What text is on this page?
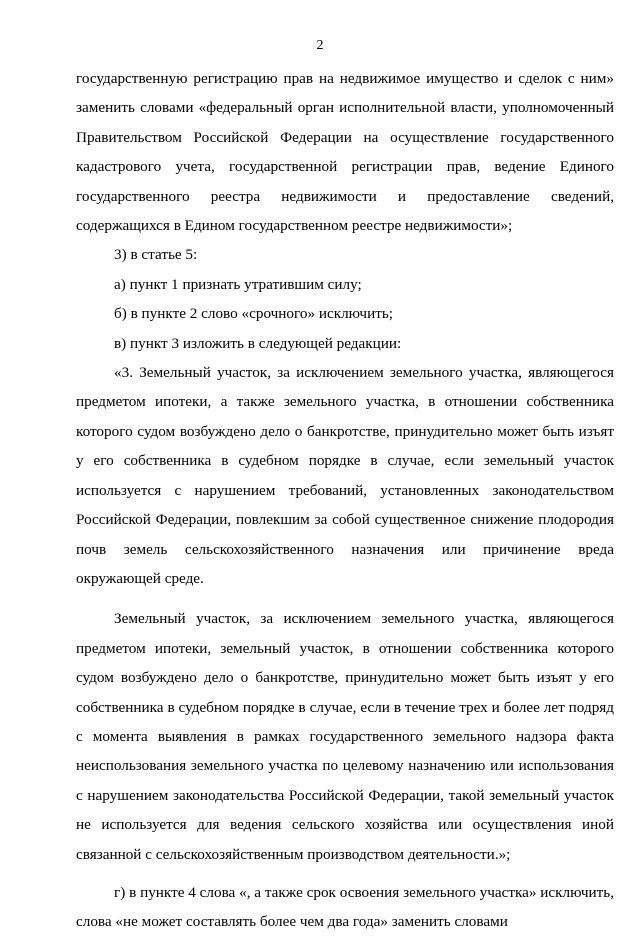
2

государственную регистрацию прав на недвижимое имущество и сделок с ним» заменить словами «федеральный орган исполнительной власти, уполномоченный Правительством Российской Федерации на осуществление государственного кадастрового учета, государственной регистрации прав, ведение Единого государственного реестра недвижимости и предоставление сведений, содержащихся в Едином государственном реестре недвижимости»;

3) в статье 5:

а) пункт 1 признать утратившим силу;

б) в пункте 2 слово «срочного» исключить;

в) пункт 3 изложить в следующей редакции:

«3. Земельный участок, за исключением земельного участка, являющегося предметом ипотеки, а также земельного участка, в отношении собственника которого судом возбуждено дело о банкротстве, принудительно может быть изъят у его собственника в судебном порядке в случае, если земельный участок используется с нарушением требований, установленных законодательством Российской Федерации, повлекшим за собой существенное снижение плодородия почв земель сельскохозяйственного назначения или причинение вреда окружающей среде.

Земельный участок, за исключением земельного участка, являющегося предметом ипотеки, земельный участок, в отношении собственника которого судом возбуждено дело о банкротстве, принудительно может быть изъят у его собственника в судебном порядке в случае, если в течение трех и более лет подряд с момента выявления в рамках государственного земельного надзора факта неиспользования земельного участка по целевому назначению или использования с нарушением законодательства Российской Федерации, такой земельный участок не используется для ведения сельского хозяйства или осуществления иной связанной с сельскохозяйственным производством деятельности.»;

г) в пункте 4 слова «, а также срок освоения земельного участка» исключить, слова «не может составлять более чем два года» заменить словами
